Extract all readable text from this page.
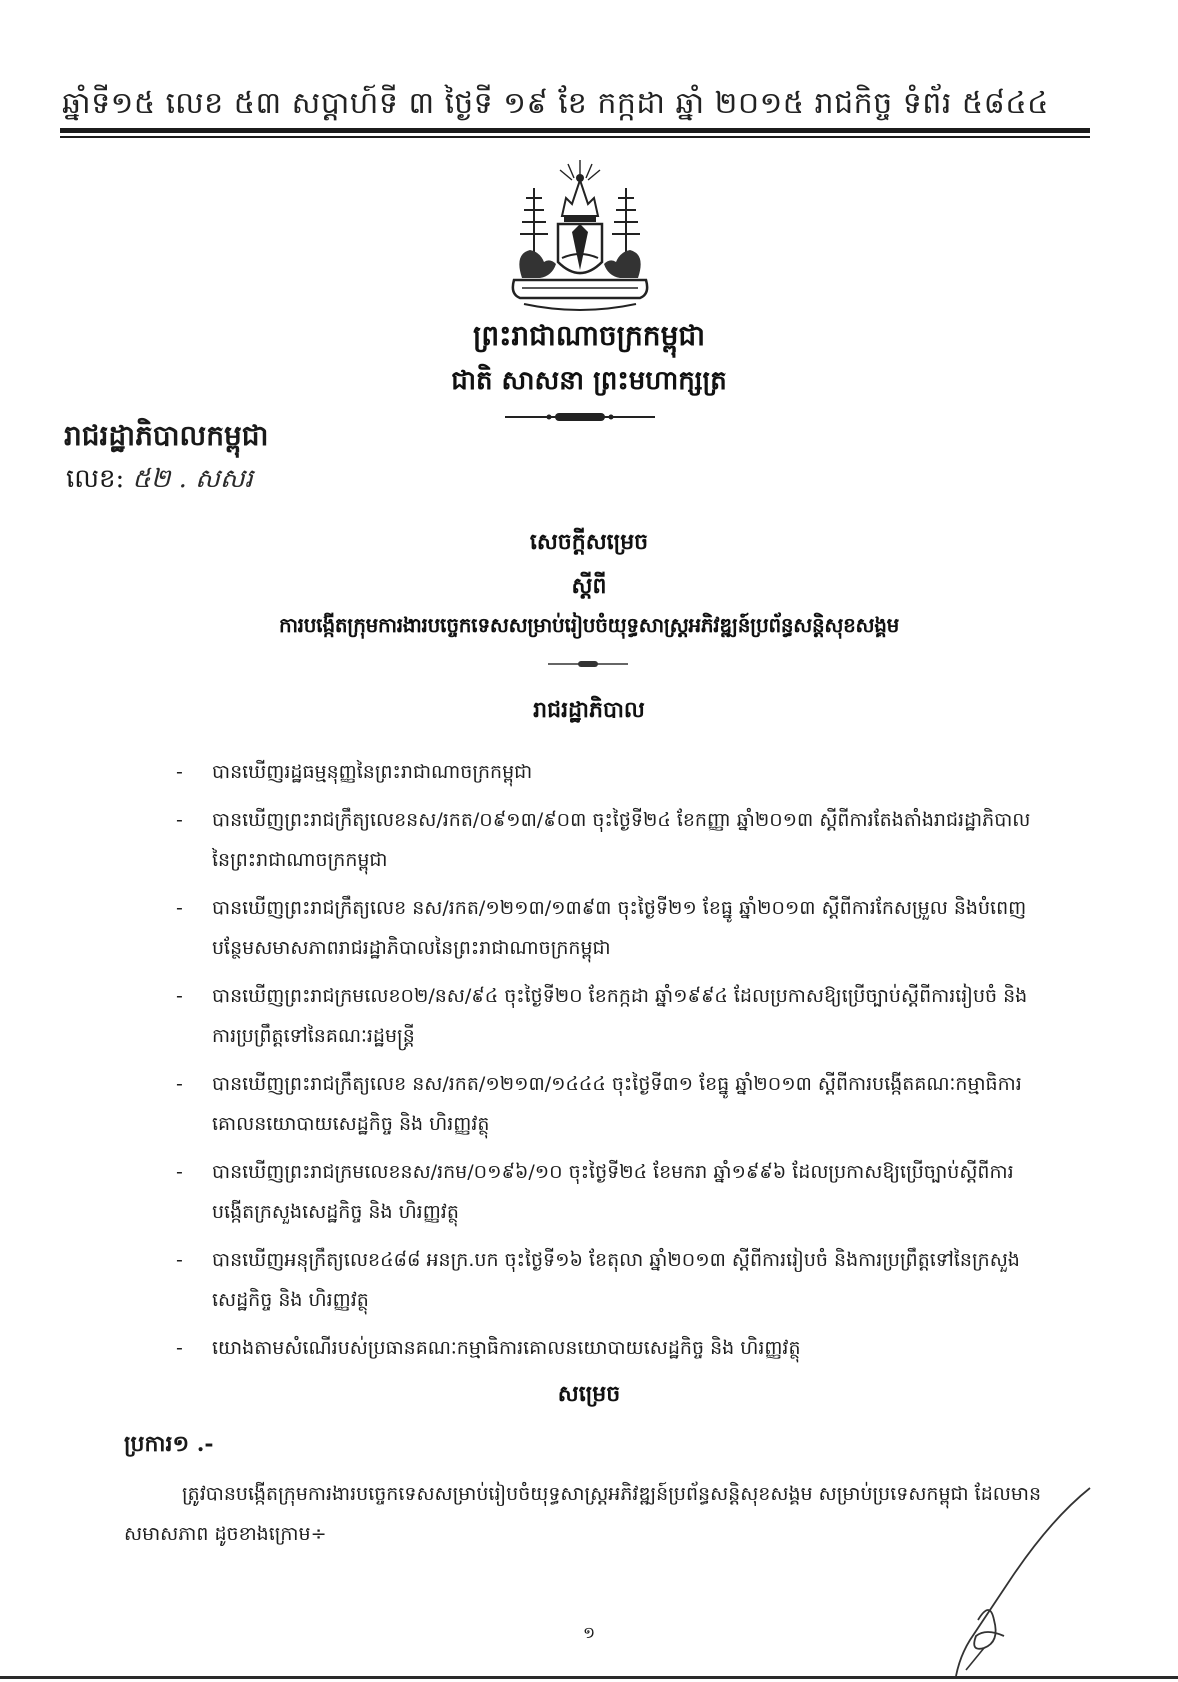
ឆ្នាំទី១៥ លេខ ៥៣ សប្តាហ៍ទី ៣ ថ្ងៃទី ១៩ ខែ កក្កដា ឆ្នាំ ២០១៥ រាជកិច្ច ទំព័រ ៥៨៤៤
ព្រះរាជាណាចក្រកម្ពុជា
ជាតិ សាសនា ព្រះមហាក្សត្រ
រាជរដ្ឋាភិបាលកម្ពុជា
លេខ: ៥២ . សសរ
សេចក្តីសម្រេច
ស្តីពី
ការបង្កើតក្រុមការងារបច្ចេកទេសសម្រាប់រៀបចំយុទ្ធសាស្ត្រអភិវឌ្ឍន៍ប្រព័ន្ធសន្តិសុខសង្គម
រាជរដ្ឋាភិបាល
- បានឃើញរដ្ឋធម្មនុញ្ញនៃព្រះរាជាណាចក្រកម្ពុជា
- បានឃើញព្រះរាជក្រឹត្យលេខនស/រកត/០៩១៣/៩០៣ ចុះថ្ងៃទី២៤ ខែកញ្ញា ឆ្នាំ២០១៣ ស្តីពីការតែងតាំងរាជរដ្ឋាភិបាលនៃព្រះរាជាណាចក្រកម្ពុជា
- បានឃើញព្រះរាជក្រឹត្យលេខ នស/រកត/១២១៣/១៣៩៣ ចុះថ្ងៃទី២១ ខែធ្នូ ឆ្នាំ២០១៣ ស្តីពីការកែសម្រួល និងបំពេញបន្ថែមសមាសភាពរាជរដ្ឋាភិបាលនៃព្រះរាជាណាចក្រកម្ពុជា
- បានឃើញព្រះរាជក្រមលេខ០២/នស/៩៤ ចុះថ្ងៃទី២០ ខែកក្កដា ឆ្នាំ១៩៩៤ ដែលប្រកាសឱ្យប្រើច្បាប់ស្តីពីការរៀបចំ និងការប្រព្រឹត្តទៅនៃគណៈរដ្ឋមន្ត្រី
- បានឃើញព្រះរាជក្រឹត្យលេខ នស/រកត/១២១៣/១៤៤៤ ចុះថ្ងៃទី៣១ ខែធ្នូ ឆ្នាំ២០១៣ ស្តីពីការបង្កើតគណៈកម្មាធិការគោលនយោបាយសេដ្ឋកិច្ច និង ហិរញ្ញវត្ថុ
- បានឃើញព្រះរាជក្រមលេខនស/រកម/០១៩៦/១០ ចុះថ្ងៃទី២៤ ខែមករា ឆ្នាំ១៩៩៦ ដែលប្រកាសឱ្យប្រើច្បាប់ស្តីពីការបង្កើតក្រសួងសេដ្ឋកិច្ច និង ហិរញ្ញវត្ថុ
- បានឃើញអនុក្រឹត្យលេខ៤៨៨ អនក្រ.បក ចុះថ្ងៃទី១៦ ខែតុលា ឆ្នាំ២០១៣ ស្តីពីការរៀបចំ និងការប្រព្រឹត្តទៅនៃក្រសួងសេដ្ឋកិច្ច និង ហិរញ្ញវត្ថុ
- យោងតាមសំណើរបស់ប្រធានគណៈកម្មាធិការគោលនយោបាយសេដ្ឋកិច្ច និង ហិរញ្ញវត្ថុ
សម្រេច
ប្រការ១ .-
ត្រូវបានបង្កើតក្រុមការងារបច្ចេកទេសសម្រាប់រៀបចំយុទ្ធសាស្ត្រអភិវឌ្ឍន៍ប្រព័ន្ធសន្តិសុខសង្គម សម្រាប់ប្រទេសកម្ពុជា ដែលមានសមាសភាព ដូចខាងក្រោម÷
១
